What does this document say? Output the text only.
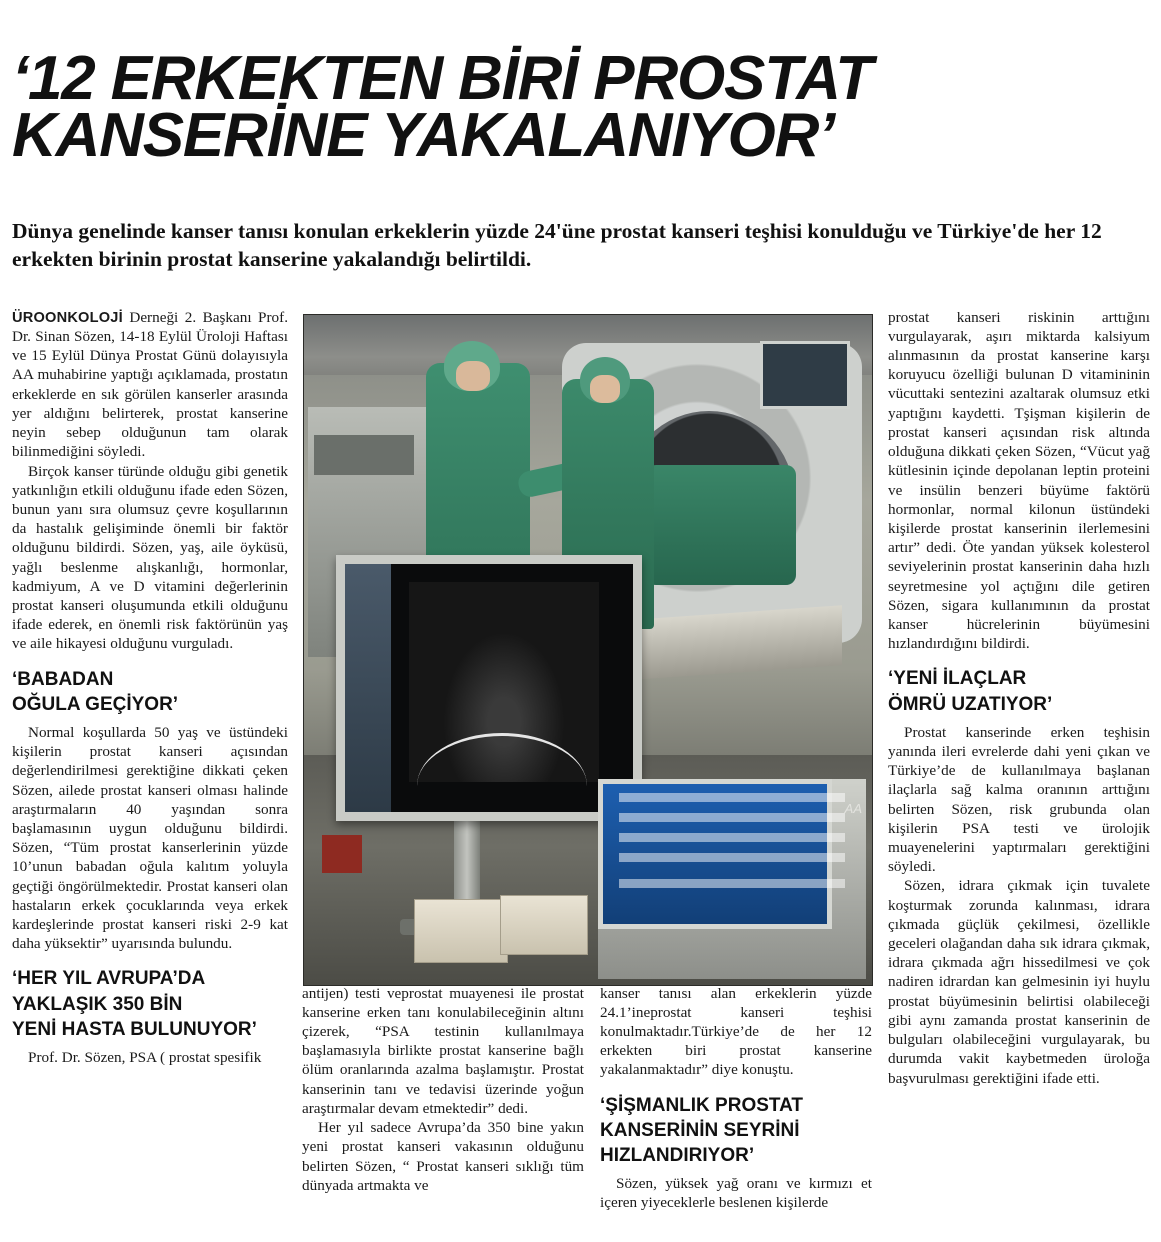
‘12 ERKEKTEN BİRİ PROSTAT
KANSERİNE YAKALANIYOR’
Dünya genelinde kanser tanısı konulan erkeklerin yüzde 24'üne prostat kanseri teşhisi konulduğu ve Türkiye'de her 12 erkekten birinin prostat kanserine yakalandığı belirtildi.
AA

ÜROONKOLOJİ Derneği 2. Başkanı Prof. Dr. Sinan Sözen, 14-18 Eylül Üroloji Haftası ve 15 Eylül Dünya Prostat Günü dolayısıyla AA muhabirine yaptığı açıklamada, prostatın erkeklerde en sık görülen kanserler arasında yer aldığını belirterek, prostat kanserine neyin sebep olduğunun tam olarak bilinmediğini söyledi.

Birçok kanser türünde olduğu gibi genetik yatkınlığın etkili olduğunu ifade eden Sözen, bunun yanı sıra olumsuz çevre koşullarının da hastalık gelişiminde önemli bir faktör olduğunu bildirdi. Sözen, yaş, aile öyküsü, yağlı beslenme alışkanlığı, hormonlar, kadmiyum, A ve D vitamini değerlerinin prostat kanseri oluşumunda etkili olduğunu ifade ederek, en önemli risk faktörünün yaş ve aile hikayesi olduğunu vurguladı.

‘BABADAN
OĞULA GEÇİYOR’

Normal koşullarda 50 yaş ve üstündeki kişilerin prostat kanseri açısından değerlendirilmesi gerektiğine dikkati çeken Sözen, ailede prostat kanseri olması halinde araştırmaların 40 yaşından sonra başlamasının uygun olduğunu bildirdi. Sözen, “Tüm prostat kanserlerinin yüzde 10’unun babadan oğula kalıtım yoluyla geçtiği öngörülmektedir. Prostat kanseri olan hastaların erkek çocuklarında veya erkek kardeşlerinde prostat kanseri riski 2-9 kat daha yüksektir” uyarısında bulundu.

‘HER YIL AVRUPA’DA
YAKLAŞIK 350 BİN
YENİ HASTA BULUNUYOR’

Prof. Dr. Sözen, PSA ( prostat spesifik

antijen) testi veprostat muayenesi ile prostat kanserine erken tanı konulabileceğinin altını çizerek, “PSA testinin kullanılmaya başlamasıyla birlikte prostat kanserine bağlı ölüm oranlarında azalma başlamıştır. Prostat kanserinin tanı ve tedavisi üzerinde yoğun araştırmalar devam etmektedir” dedi.

Her yıl sadece Avrupa’da 350 bine yakın yeni prostat kanseri vakasının olduğunu belirten Sözen, “ Prostat kanseri sıklığı tüm dünyada artmakta ve

kanser tanısı alan erkeklerin yüzde 24.1’ineprostat kanseri teşhisi konulmaktadır.Türkiye’de de her 12 erkekten biri prostat kanserine yakalanmaktadır” diye konuştu.

‘ŞİŞMANLIK PROSTAT
KANSERİNİN SEYRİNİ
HIZLANDIRIYOR’

Sözen, yüksek yağ oranı ve kırmızı et içeren yiyeceklerle beslenen kişilerde

prostat kanseri riskinin arttığını vurgulayarak, aşırı miktarda kalsiyum alınmasının da prostat kanserine karşı koruyucu özelliği bulunan D vitamininin vücuttaki sentezini azaltarak olumsuz etki yaptığını kaydetti. Tşişman kişilerin de prostat kanseri açısından risk altında olduğuna dikkati çeken Sözen, “Vücut yağ kütlesinin içinde depolanan leptin proteini ve insülin benzeri büyüme faktörü hormonlar, normal kilonun üstündeki kişilerde prostat kanserinin ilerlemesini artır” dedi. Öte yandan yüksek kolesterol seviyelerinin prostat kanserinin daha hızlı seyretmesine yol açtığını dile getiren Sözen, sigara kullanımının da prostat kanser hücrelerinin büyümesini hızlandırdığını bildirdi.

‘YENİ İLAÇLAR
ÖMRÜ UZATIYOR’

Prostat kanserinde erken teşhisin yanında ileri evrelerde dahi yeni çıkan ve Türkiye’de de kullanılmaya başlanan ilaçlarla sağ kalma oranının arttığını belirten Sözen, risk grubunda olan kişilerin PSA testi ve ürolojik muayenelerini yaptırmaları gerektiğini söyledi.

Sözen, idrara çıkmak için tuvalete koşturmak zorunda kalınması, idrara çıkmada güçlük çekilmesi, özellikle geceleri olağandan daha sık idrara çıkmak, idrara çıkmada ağrı hissedilmesi ve çok nadiren idrardan kan gelmesinin iyi huylu prostat büyümesinin belirtisi olabileceği gibi aynı zamanda prostat kanserinin de bulguları olabileceğini vurgulayarak, bu durumda vakit kaybetmeden üroloğa başvurulması gerektiğini ifade etti.
